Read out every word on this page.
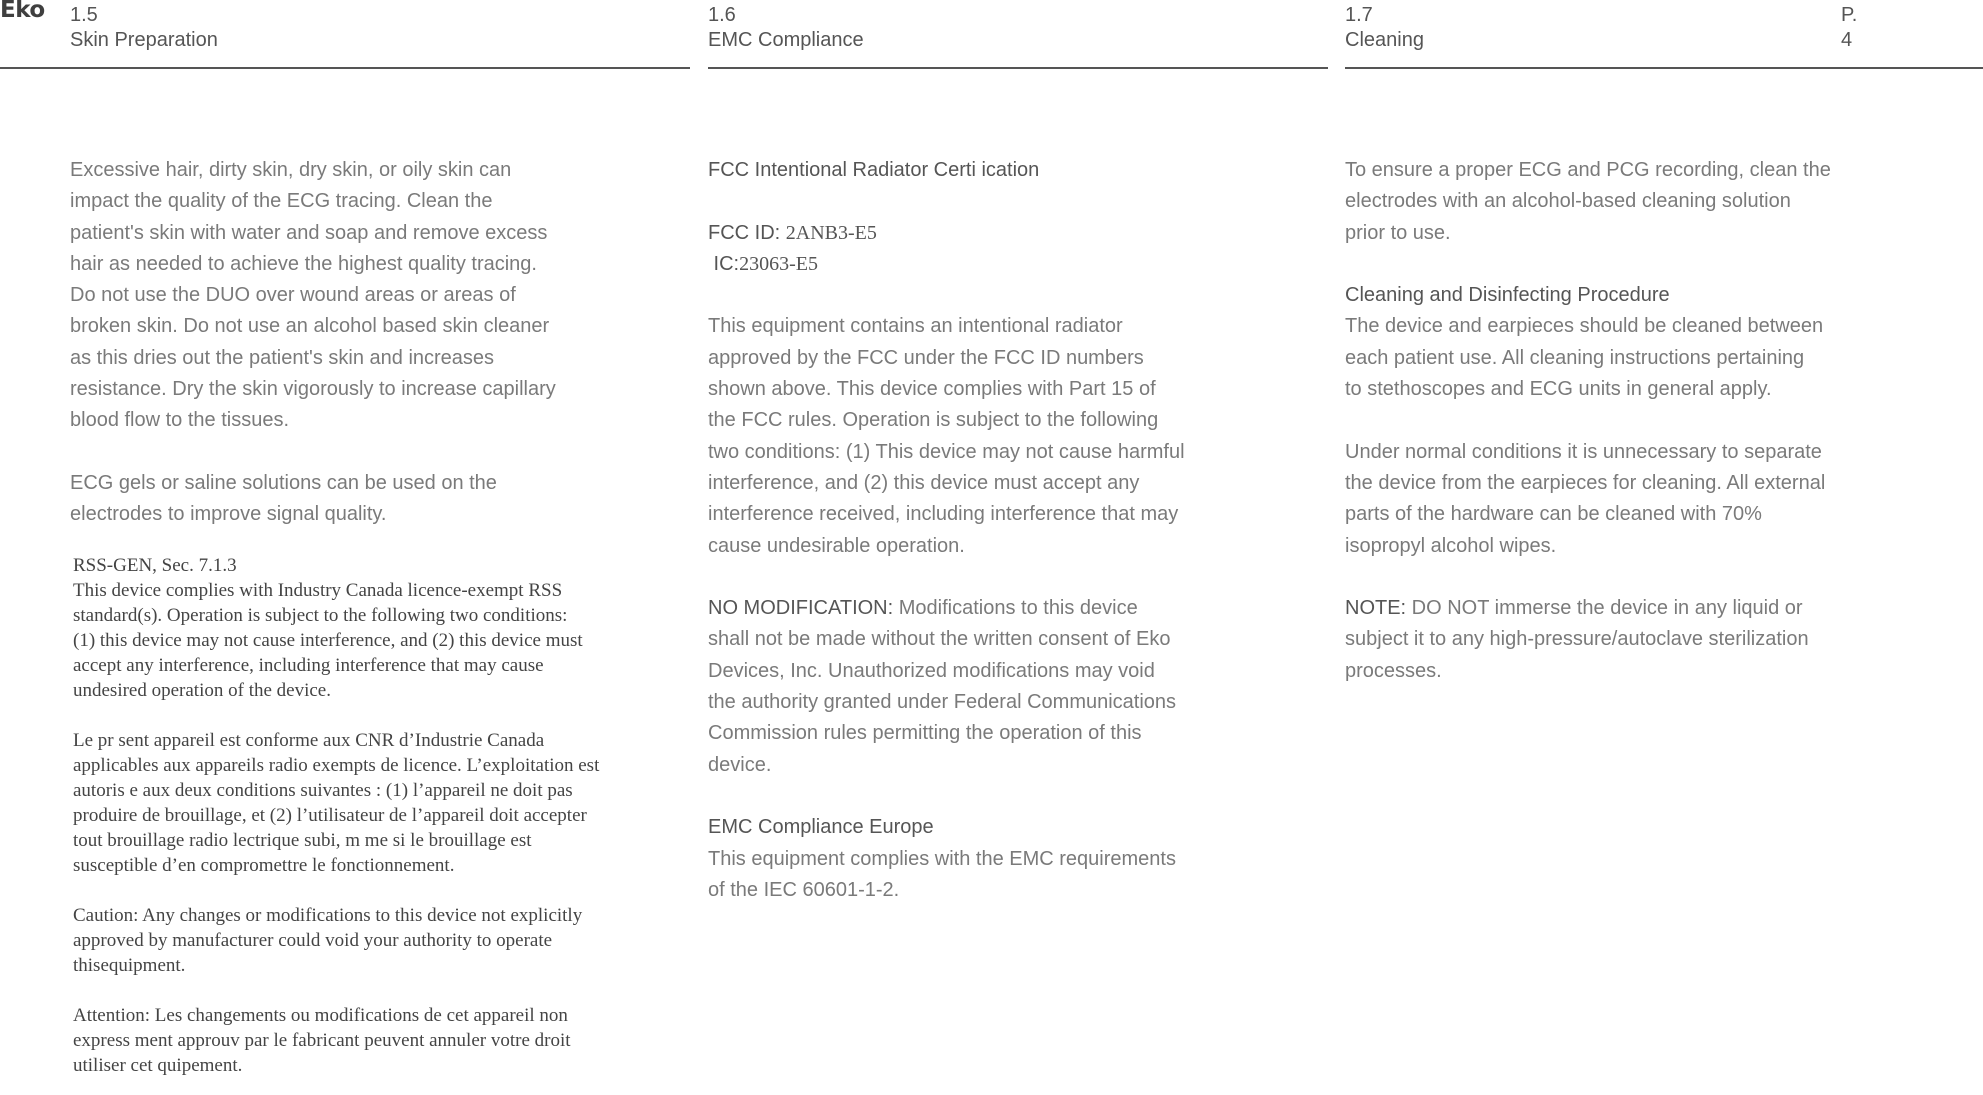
Eko 1.5
Skin Preparation
1.6
EMC Compliance
1.7
Cleaning
P.
4

Excessive hair, dirty skin, dry skin, or oily skin can
impact the quality of the ECG tracing. Clean the
patient's skin with water and soap and remove excess
hair as needed to achieve the highest quality tracing.
Do not use the DUO over wound areas or areas of
broken skin. Do not use an alcohol based skin cleaner
as this dries out the patient's skin and increases
resistance. Dry the skin vigorously to increase capillary
blood flow to the tissues.

ECG gels or saline solutions can be used on the
electrodes to improve signal quality.

RSS-GEN, Sec. 7.1.3

This device complies with Industry Canada licence-exempt RSS
standard(s). Operation is subject to the following two conditions:
(1) this device may not cause interference, and (2) this device must
accept any interference, including interference that may cause
undesired operation of the device.

Le pr sent appareil est conforme aux CNR d’Industrie Canada
applicables aux appareils radio exempts de licence. L’exploitation est
autoris e aux deux conditions suivantes : (1) l’appareil ne doit pas
produire de brouillage, et (2) l’utilisateur de l’appareil doit accepter
tout brouillage radio lectrique subi, m me si le brouillage est
susceptible d’en compromettre le fonctionnement.

Caution: Any changes or modifications to this device not explicitly
approved by manufacturer could void your authority to operate
thisequipment.

Attention: Les changements ou modifications de cet appareil non
express ment approuv par le fabricant peuvent annuler votre droit
utiliser cet quipement.

FCC Intentional Radiator Certi ication

FCC ID: 2ANB3-E5

IC:23063-E5

This equipment contains an intentional radiator
approved by the FCC under the FCC ID numbers
shown above. This device complies with Part 15 of
the FCC rules. Operation is subject to the following
two conditions: (1) This device may not cause harmful
interference, and (2) this device must accept any
interference received, including interference that may
cause undesirable operation.

NO MODIFICATION: Modifications to this device
shall not be made without the written consent of Eko
Devices, Inc. Unauthorized modifications may void
the authority granted under Federal Communications
Commission rules permitting the operation of this
device.

EMC Compliance Europe

This equipment complies with the EMC requirements
of the IEC 60601-1-2.

To ensure a proper ECG and PCG recording, clean the
electrodes with an alcohol-based cleaning solution
prior to use.

Cleaning and Disinfecting Procedure

The device and earpieces should be cleaned between
each patient use. All cleaning instructions pertaining
to stethoscopes and ECG units in general apply.

Under normal conditions it is unnecessary to separate
the device from the earpieces for cleaning. All external
parts of the hardware can be cleaned with 70%
isopropyl alcohol wipes.

NOTE: DO NOT immerse the device in any liquid or
subject it to any high-pressure/autoclave sterilization
processes.
